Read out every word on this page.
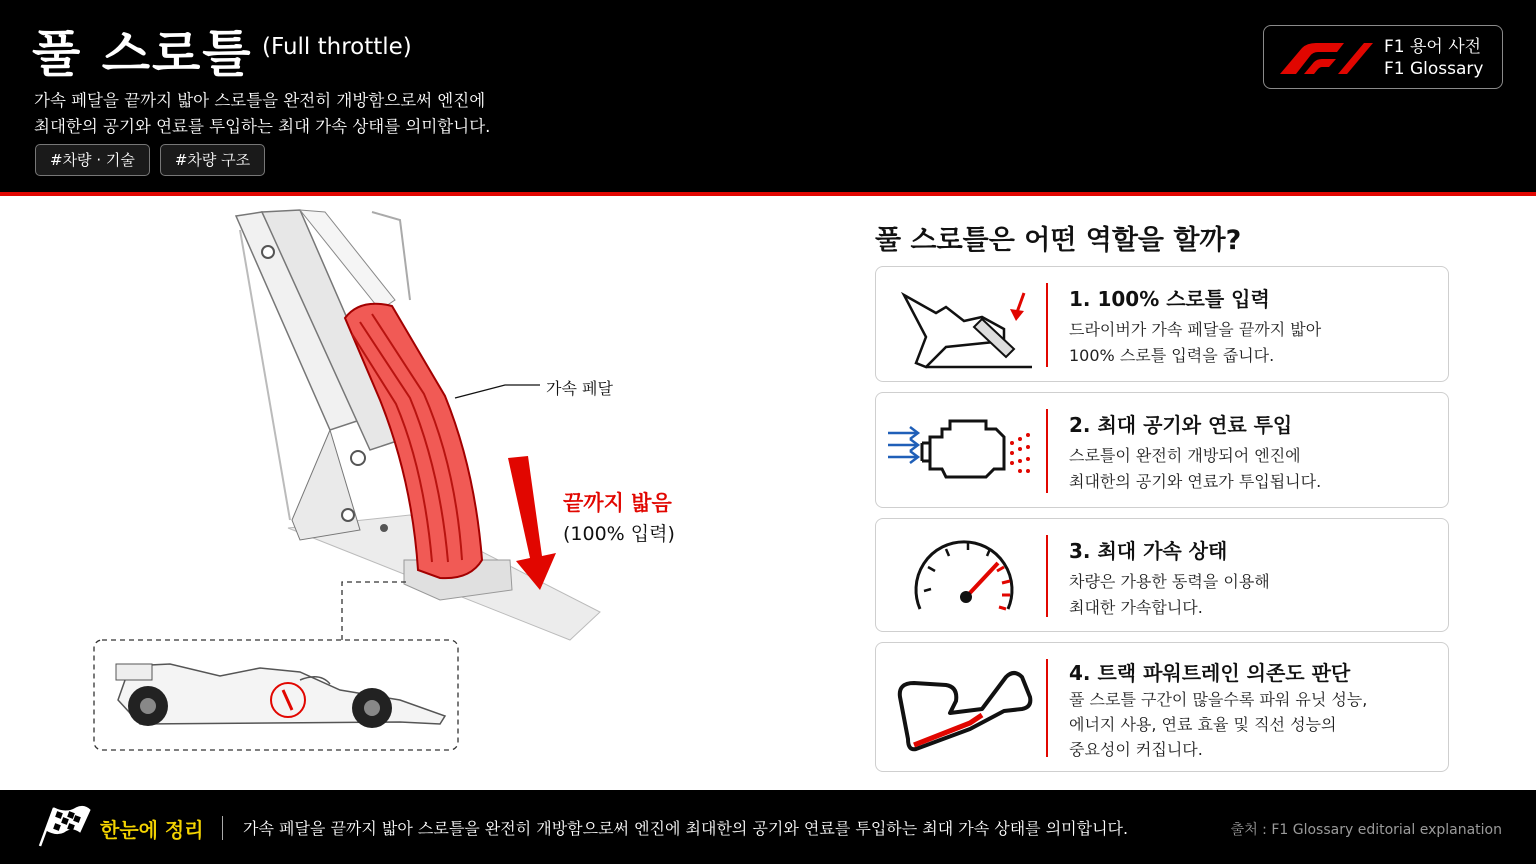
풀 스로틀 (Full throttle)
가속 페달을 끝까지 밟아 스로틀을 완전히 개방함으로써 엔진에
최대한의 공기와 연료를 투입하는 최대 가속 상태를 의미합니다.
#차량 · 기술	#차량 구조
F1 용어 사전
F1 Glossary
가속 페달
끝까지 밟음
(100% 입력)
풀 스로틀은 어떤 역할을 할까?
1. 100% 스로틀 입력
드라이버가 가속 페달을 끝까지 밟아
100% 스로틀 입력을 줍니다.
2. 최대 공기와 연료 투입
스로틀이 완전히 개방되어 엔진에
최대한의 공기와 연료가 투입됩니다.
3. 최대 가속 상태
차량은 가용한 동력을 이용해
최대한 가속합니다.
4. 트랙 파워트레인 의존도 판단
풀 스로틀 구간이 많을수록 파워 유닛 성능,
에너지 사용, 연료 효율 및 직선 성능의
중요성이 커집니다.
한눈에 정리 가속 페달을 끝까지 밟아 스로틀을 완전히 개방함으로써 엔진에 최대한의 공기와 연료를 투입하는 최대 가속 상태를 의미합니다.	출처 : F1 Glossary editorial explanation
